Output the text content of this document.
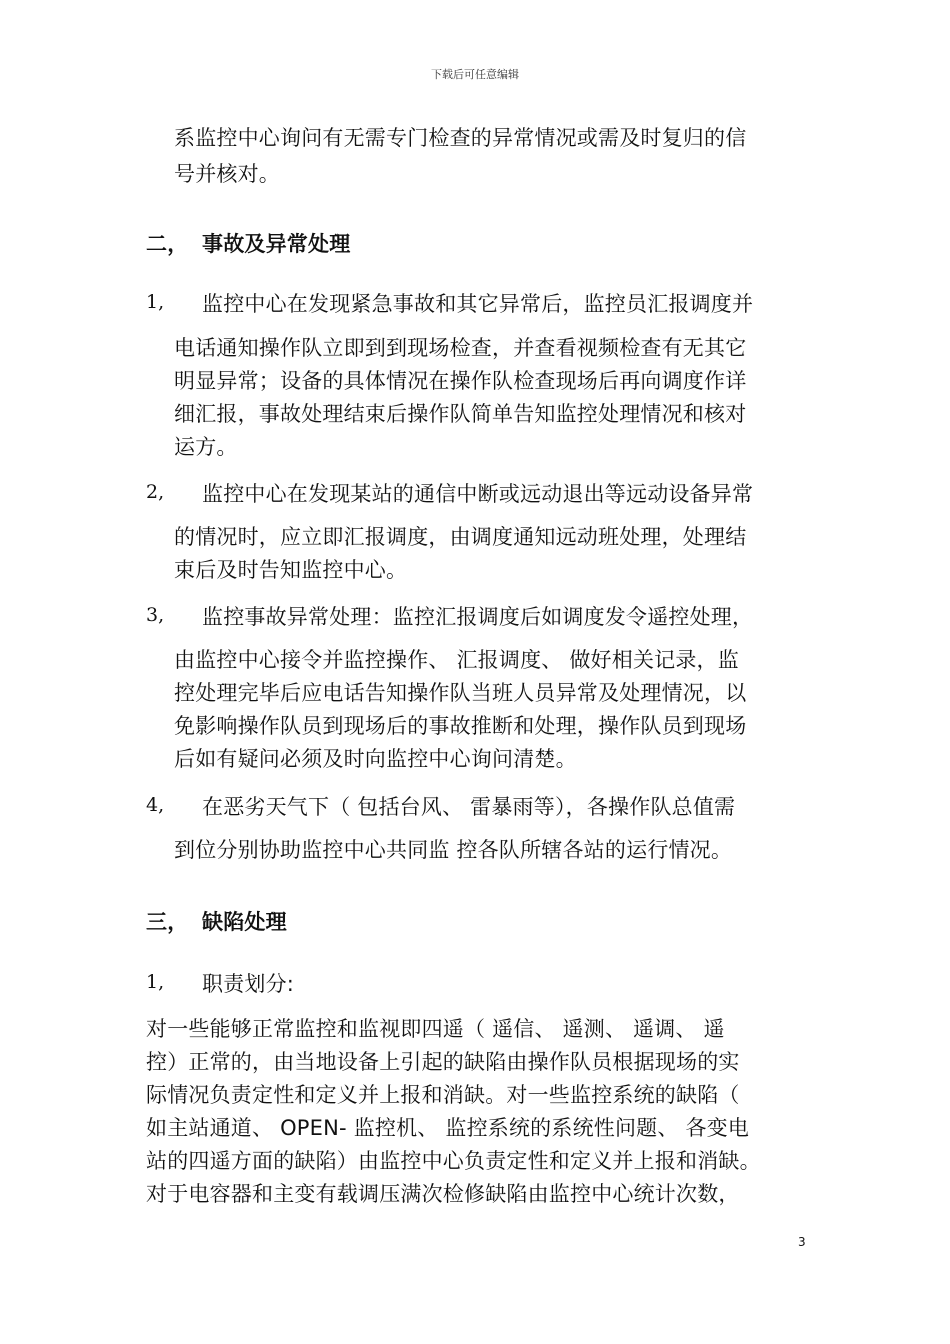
下载后可任意编辑
系监控中心询问有无需专门检查的异常情况或需及时复归的信
号并核对。
二， 事故及异常处理
1, 监控中心在发现紧急事故和其它异常后，监控员汇报调度并
电话通知操作队立即到到现场检查，并查看视频检查有无其它
明显异常；设备的具体情况在操作队检查现场后再向调度作详
细汇报，事故处理结束后操作队简单告知监控处理情况和核对
运方。
2, 监控中心在发现某站的通信中断或远动退出等远动设备异常
的情况时，应立即汇报调度，由调度通知远动班处理，处理结
束后及时告知监控中心。
3, 监控事故异常处理：监控汇报调度后如调度发令遥控处理，
由监控中心接令并监控操作、 汇报调度、 做好相关记录，监
控处理完毕后应电话告知操作队当班人员异常及处理情况，以
免影响操作队员到现场后的事故推断和处理，操作队员到现场
后如有疑问必须及时向监控中心询问清楚。
4, 在恶劣天气下（ 包括台风、 雷暴雨等），各操作队总值需
到位分别协助监控中心共同监 控各队所辖各站的运行情况。
三， 缺陷处理
1, 职责划分:
对一些能够正常监控和监视即四遥（ 遥信、 遥测、 遥调、 遥
控）正常的，由当地设备上引起的缺陷由操作队员根据现场的实
际情况负责定性和定义并上报和消缺。对一些监控系统的缺陷（
如主站通道、 OPEN- 监控机、 监控系统的系统性问题、 各变电
站的四遥方面的缺陷）由监控中心负责定性和定义并上报和消缺。
对于电容器和主变有载调压满次检修缺陷由监控中心统计次数，
3
